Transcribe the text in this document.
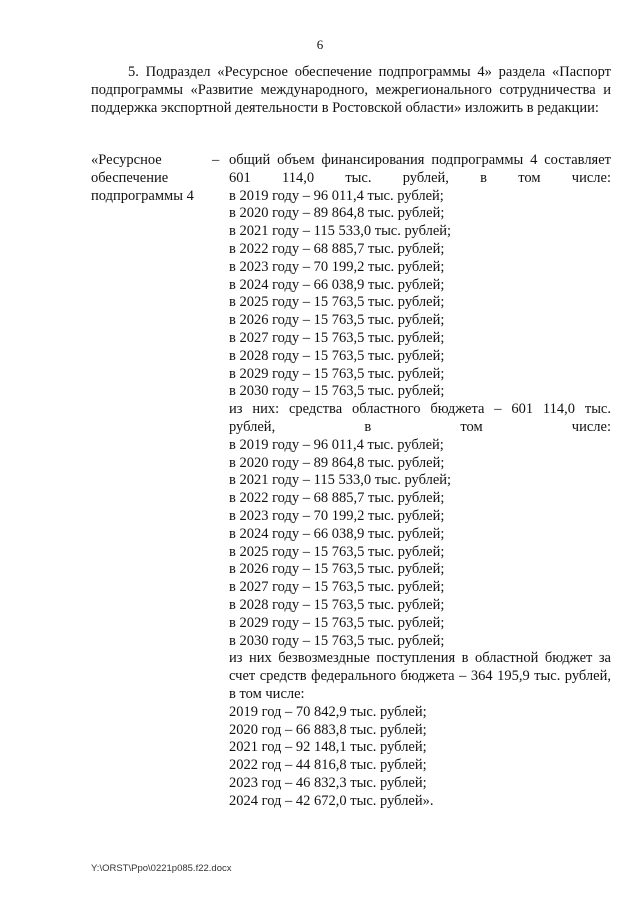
6

5. Подраздел «Ресурсное обеспечение подпрограммы 4» раздела «Паспорт подпрограммы «Развитие международного, межрегионального сотрудничества и поддержка экспортной деятельности в Ростовской области» изложить в редакции:

«Ресурсное обеспечение подпрограммы 4

– общий объем финансирования подпрограммы 4 составляет 601 114,0 тыс. рублей, в том числе:

в 2019 году – 96 011,4 тыс. рублей;

в 2020 году – 89 864,8 тыс. рублей;

в 2021 году – 115 533,0 тыс. рублей;

в 2022 году – 68 885,7 тыс. рублей;

в 2023 году – 70 199,2 тыс. рублей;

в 2024 году – 66 038,9 тыс. рублей;

в 2025 году – 15 763,5 тыс. рублей;

в 2026 году – 15 763,5 тыс. рублей;

в 2027 году – 15 763,5 тыс. рублей;

в 2028 году – 15 763,5 тыс. рублей;

в 2029 году – 15 763,5 тыс. рублей;

в 2030 году – 15 763,5 тыс. рублей;

из них: средства областного бюджета – 601 114,0 тыс. рублей, в том числе:

в 2019 году – 96 011,4 тыс. рублей;

в 2020 году – 89 864,8 тыс. рублей;

в 2021 году – 115 533,0 тыс. рублей;

в 2022 году – 68 885,7 тыс. рублей;

в 2023 году – 70 199,2 тыс. рублей;

в 2024 году – 66 038,9 тыс. рублей;

в 2025 году – 15 763,5 тыс. рублей;

в 2026 году – 15 763,5 тыс. рублей;

в 2027 году – 15 763,5 тыс. рублей;

в 2028 году – 15 763,5 тыс. рублей;

в 2029 году – 15 763,5 тыс. рублей;

в 2030 году – 15 763,5 тыс. рублей;

из них безвозмездные поступления в областной бюджет за счет средств федерального бюджета – 364 195,9 тыс. рублей, в том числе:

2019 год – 70 842,9 тыс. рублей;

2020 год – 66 883,8 тыс. рублей;

2021 год – 92 148,1 тыс. рублей;

2022 год – 44 816,8 тыс. рублей;

2023 год – 46 832,3 тыс. рублей;

2024 год – 42 672,0 тыс. рублей».

Y:\ORST\Ppo\0221p085.f22.docx
